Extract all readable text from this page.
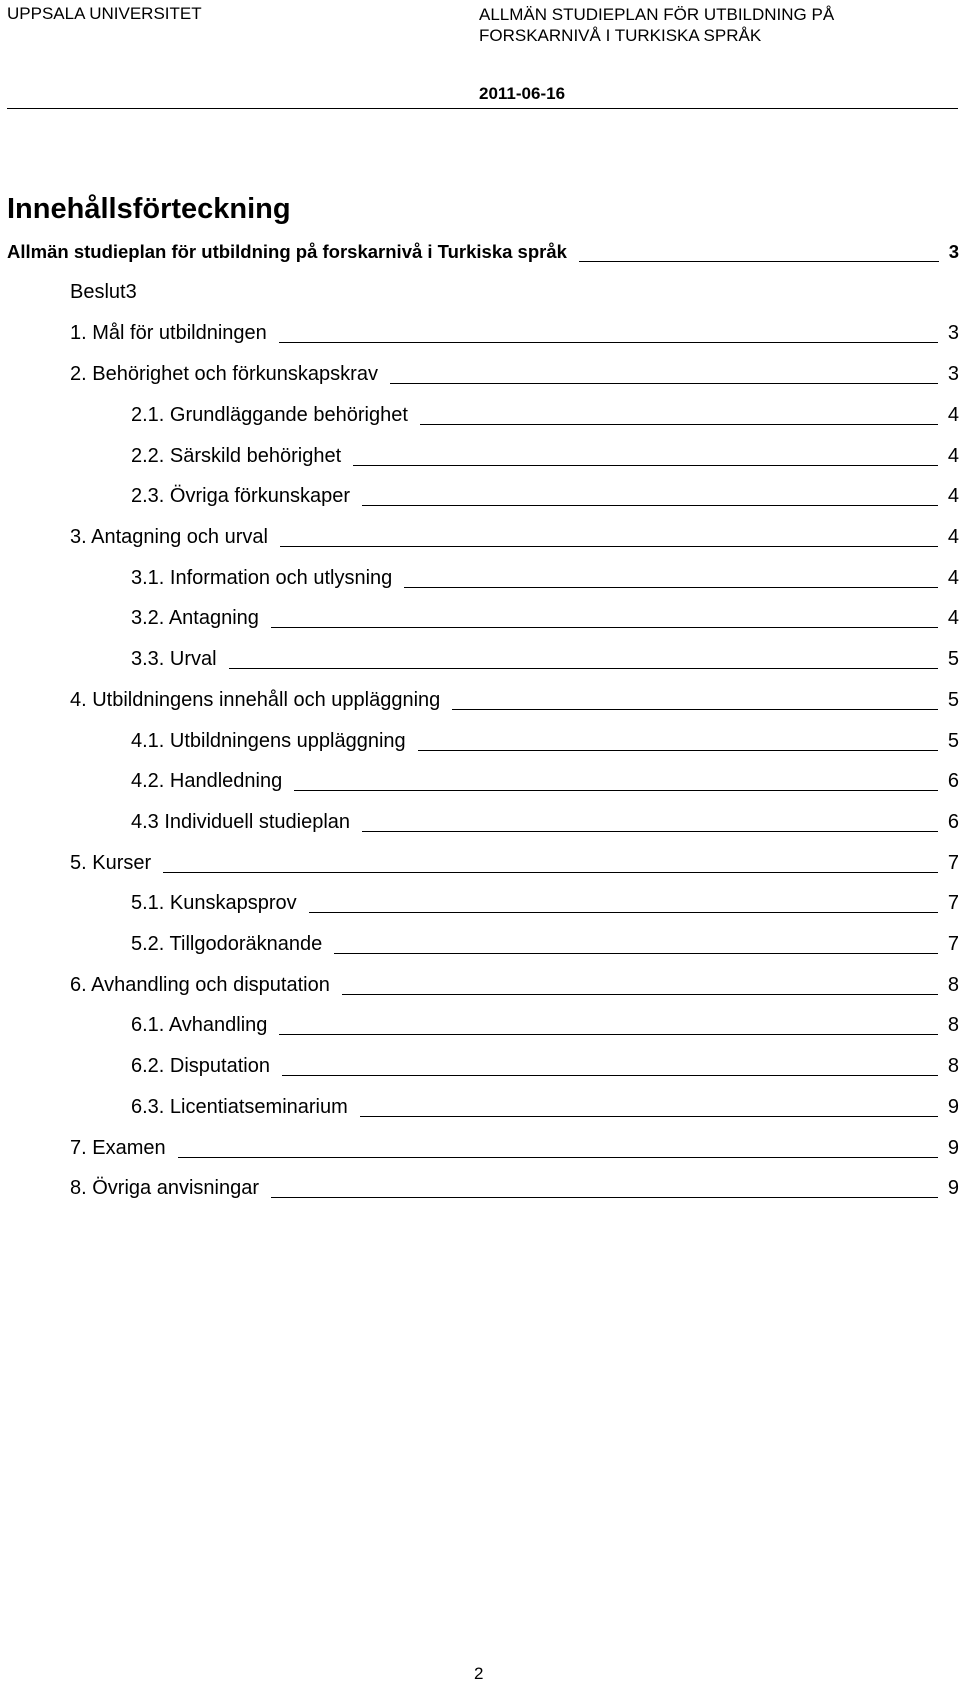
UPPSALA UNIVERSITET	ALLMÄN STUDIEPLAN FÖR UTBILDNING PÅ
FORSKARNIVÅ I TURKISKA SPRÅK
2011-06-16
Innehållsförteckning
Allmän studieplan för utbildning på forskarnivå i Turkiska språk	3
Beslut3
1. Mål för utbildningen	3
2. Behörighet och förkunskapskrav	3
2.1. Grundläggande behörighet	4
2.2. Särskild behörighet	4
2.3. Övriga förkunskaper	4
3. Antagning och urval	4
3.1. Information och utlysning	4
3.2. Antagning	4
3.3. Urval	5
4. Utbildningens innehåll och uppläggning	5
4.1. Utbildningens uppläggning	5
4.2. Handledning	6
4.3 Individuell studieplan	6
5. Kurser	7
5.1. Kunskapsprov	7
5.2. Tillgodoräknande	7
6. Avhandling och disputation	8
6.1. Avhandling	8
6.2. Disputation	8
6.3. Licentiatseminarium	9
7. Examen	9
8. Övriga anvisningar	9
2
